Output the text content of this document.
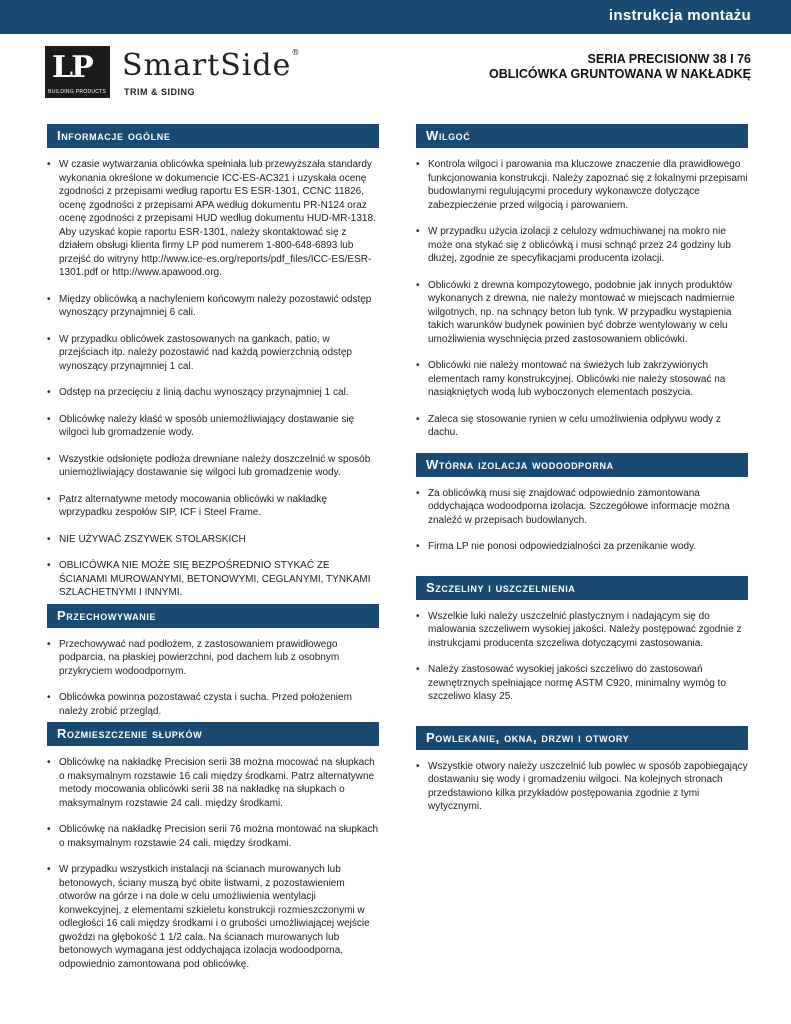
instrukcja montażu
LP
BUILDING PRODUCTS
SmartSide®
TRIM & SIDING
SERIA PRECISIONW 38 I 76
OBLICÓWKA GRUNTOWANA W NAKŁADKĘ
Informacje ogólne
• W czasie wytwarzania oblicówka spełniała lub przewyższała standardy wykonania określone w dokumencie ICC-ES-AC321 i uzyskała ocenę zgodności z przepisami według raportu ES ESR-1301, CCNC 11826, ocenę zgodności z przepisami APA według dokumentu PR-N124 oraz ocenę zgodności z przepisami HUD według dokumentu HUD-MR-1318. Aby uzyskać kopie raportu ESR-1301, należy skontaktować się z działem obsługi klienta firmy LP pod numerem 1-800-648-6893 lub przejść do witryny http://www.ice-es.org/reports/pdf_files/ICC-ES/ESR-1301.pdf or http://www.apawood.org.
• Między oblicówką a nachyleniem końcowym należy pozostawić odstęp wynoszący przynajmniej 6 cali.
• W przypadku oblicówek zastosowanych na gankach, patio, w przejściach itp. należy pozostawić nad każdą powierzchnią odstęp wynoszący przynajmniej 1 cal.
• Odstęp na przecięciu z linią dachu wynoszący przynajmniej 1 cal.
• Oblicówkę należy kłaść w sposób uniemożliwiający dostawanie się wilgoci lub gromadzenie wody.
• Wszystkie odsłonięte podłoża drewniane należy doszczelnić w sposób uniemożliwiający dostawanie się wilgoci lub gromadzenie wody.
• Patrz alternatywne metody mocowania oblicówki w nakładkę wprzypadku zespołów SIP, ICF i Steel Frame.
• NIE UŻYWAĆ ZSZYWEK STOLARSKICH
• OBLICÓWKA NIE MOŻE SIĘ BEZPOŚREDNIO STYKAĆ ZE ŚCIANAMI MUROWANYMI, BETONOWYMI, CEGLANYMI, TYNKAMI SZLACHETNYMI I INNYMI.
Przechowywanie
• Przechowywać nad podłożem, z zastosowaniem prawidłowego podparcia, na płaskiej powierzchni, pod dachem lub z osobnym przykryciem wodoodpornym.
• Oblicówka powinna pozostawać czysta i sucha. Przed położeniem należy zrobić przegląd.
Rozmieszczenie słupków
• Oblicówkę na nakładkę Precision serii 38 można mocować na słupkach o maksymalnym rozstawie 16 cali między środkami. Patrz alternatywne metody mocowania oblicówki serii 38 na nakładkę na słupkach o maksymalnym rozstawie 24 cali. między środkami.
• Oblicówkę na nakładkę Precision serii 76 można montować na słupkach o maksymalnym rozstawie 24 cali. między środkami.
• W przypadku wszystkich instalacji na ścianach murowanych lub betonowych, ściany muszą być obite listwami, z pozostawieniem otworów na górze i na dole w celu umożliwienia wentylacji konwekcyjnej, z elementami szkieletu konstrukcji rozmieszczonymi w odległości 16 cali między środkami i o grubości umożliwiającej wejście gwoździ na głębokość 1 1/2 cala. Na ścianach murowanych lub betonowych wymagana jest oddychająca izolacja wodoodporna, odpowiednio zamontowana pod oblicówkę.
Wilgoć
• Kontrola wilgoci i parowania ma kluczowe znaczenie dla prawidłowego funkcjonowania konstrukcji. Należy zapoznać się z lokalnymi przepisami budowlanymi regulującymi procedury wykonawcze dotyczące zabezpieczenie przed wilgocią i parowaniem.
• W przypadku użycia izolacji z celulozy wdmuchiwanej na mokro nie może ona stykać się z oblicówką i musi schnąć przez 24 godziny lub dłużej, zgodnie ze specyfikacjami producenta izolacji.
• Oblicówki z drewna kompozytowego, podobnie jak innych produktów wykonanych z drewna, nie należy montować w miejscach nadmiernie wilgotnych, np. na schnący beton lub tynk. W przypadku wystąpienia takich warunków budynek powinien być dobrze wentylowany w celu umożliwienia wyschnięcia przed zastosowaniem oblicówki.
• Oblicówki nie należy montować na świeżych lub zakrzywionych elementach ramy konstrukcyjnej. Oblicówki nie należy stosować na nasiąkniętych wodą lub wyboczonych elementach poszycia.
• Zaleca się stosowanie rynien w celu umożliwienia odpływu wody z dachu.
Wtórna izolacja wodoodporna
• Za oblicówką musi się znajdować odpowiednio zamontowana oddychająca wodoodporna izolacja. Szczegółowe informacje można znaleźć w przepisach budowlanych.
• Firma LP nie ponosi odpowiedzialności za przenikanie wody.
Szczeliny i uszczelnienia
• Wszelkie luki należy uszczelnić plastycznym i nadającym się do malowania szczeliwem wysokiej jakości. Należy postępować zgodnie z instrukcjami producenta szczeliwa dotyczącymi zastosowania.
• Należy zastosować wysokiej jakości szczeliwo do zastosowań zewnętrznych spełniające normę ASTM C920, minimalny wymóg to szczeliwo klasy 25.
Powlekanie, okna, drzwi i otwory
• Wszystkie otwory należy uszczelnić lub powlec w sposób zapobiegający dostawaniu się wody i gromadzeniu wilgoci. Na kolejnych stronach przedstawiono kilka przykładów postępowania zgodnie z tymi wytycznymi.
